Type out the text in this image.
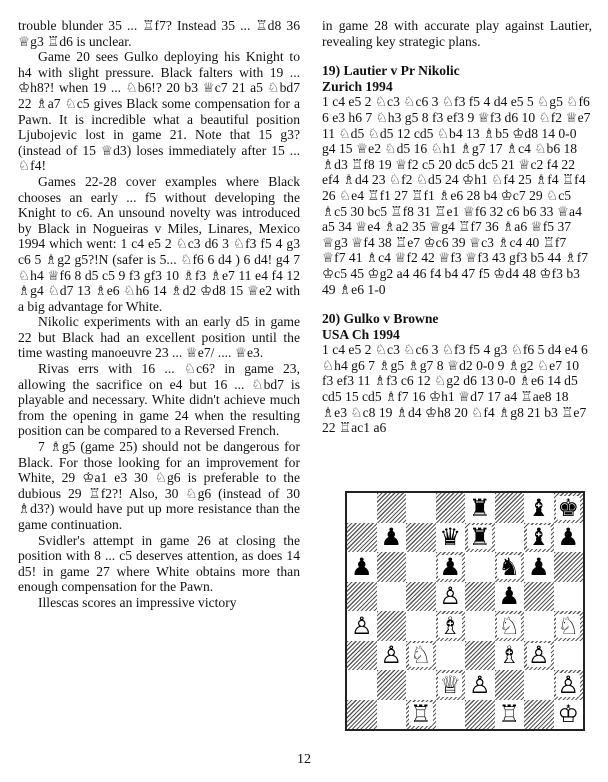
trouble blunder 35 ... ♖f7? Instead 35 ... ♖d8 36 ♕g3 ♖d6 is unclear.

Game 20 sees Gulko deploying his Knight to h4 with slight pressure. Black falters with 19 ... ♔h8?! when 19 ... ♘b6!? 20 b3 ♕c7 21 a5 ♘bd7 22 ♗a7 ♘c5 gives Black some compensation for a Pawn. It is incredible what a beautiful position Ljubojevic lost in game 21. Note that 15 g3? (instead of 15 ♕d3) loses immediately after 15 ... ♘f4!

Games 22-28 cover examples where Black chooses an early ... f5 without developing the Knight to c6. An unsound novelty was introduced by Black in Nogueiras v Miles, Linares, Mexico 1994 which went: 1 c4 e5 2 ♘c3 d6 3 ♘f3 f5 4 g3 c6 5 ♗g2 g5?!N (safer is 5... ♘f6 6 d4 ) 6 d4! g4 7 ♘h4 ♕f6 8 d5 c5 9 f3 gf3 10 ♗f3 ♗e7 11 e4 f4 12 ♗g4 ♘d7 13 ♗e6 ♘h6 14 ♗d2 ♔d8 15 ♕e2 with a big advantage for White.

Nikolic experiments with an early d5 in game 22 but Black had an excellent position until the time wasting manoeuvre 23 ... ♕e7/ .... ♕e3.

Rivas errs with 16 ... ♘c6? in game 23, allowing the sacrifice on e4 but 16 ... ♘bd7 is playable and necessary. White didn't achieve much from the opening in game 24 when the resulting position can be compared to a Reversed French.

7 ♗g5 (game 25) should not be dangerous for Black. For those looking for an improvement for White, 29 ♔a1 e3 30 ♘g6 is preferable to the dubious 29 ♖f2?! Also, 30 ♘g6 (instead of 30 ♗d3?) would have put up more resistance than the game continuation.

Svidler's attempt in game 26 at closing the position with 8 ... c5 deserves attention, as does 14 d5! in game 27 where White obtains more than enough compensation for the Pawn.

Illescas scores an impressive victory

in game 28 with accurate play against Lautier, revealing key strategic plans.

19) Lautier v Pr Nikolic

Zurich 1994

1 c4 e5 2 ♘c3 ♘c6 3 ♘f3 f5 4 d4 e5 5 ♘g5 ♘f6 6 e3 h6 7 ♘h3 g5 8 f3 ef3 9 ♕f3 d6 10 ♘f2 ♕e7 11 ♘d5 ♘d5 12 cd5 ♘b4 13 ♗b5 ♔d8 14 0-0 g4 15 ♕e2 ♘d5 16 ♘h1 ♗g7 17 ♗c4 ♘b6 18 ♗d3 ♖f8 19 ♕f2 c5 20 dc5 dc5 21 ♕c2 f4 22 ef4 ♗d4 23 ♘f2 ♘d5 24 ♔h1 ♘f4 25 ♗f4 ♖f4 26 ♘e4 ♖f1 27 ♖f1 ♗e6 28 b4 ♔c7 29 ♘c5 ♗c5 30 bc5 ♖f8 31 ♖e1 ♕f6 32 c6 b6 33 ♕a4 a5 34 ♕e4 ♗a2 35 ♕g4 ♖f7 36 ♗a6 ♕f5 37 ♕g3 ♕f4 38 ♖e7 ♔c6 39 ♕c3 ♗c4 40 ♖f7 ♕f7 41 ♗c4 ♕f2 42 ♕f3 ♕f3 43 gf3 b5 44 ♗f7 ♔c5 45 ♔g2 a4 46 f4 b4 47 f5 ♔d4 48 ♔f3 b3 49 ♗e6 1-0

20) Gulko v Browne

USA Ch 1994

1 c4 e5 2 ♘c3 ♘c6 3 ♘f3 f5 4 g3 ♘f6 5 d4 e4 6 ♘h4 g6 7 ♗g5 ♗g7 8 ♕d2 0-0 9 ♗g2 ♘e7 10 f3 ef3 11 ♗f3 c6 12 ♘g2 d6 13 0-0 ♗e6 14 d5 cd5 15 cd5 ♗f7 16 ♔h1 ♕d7 17 a4 ♖ae8 18 ♗e3 ♘c8 19 ♗d4 ♔h8 20 ♘f4 ♗g8 21 b3 ♖e7 22 ♖ac1 a6

♜ ♝ ♚
♟ ♛ ♜ ♝ ♟
♟	♟ ♞ ♟
♙ ♟
♙	♗ ♘ ♘
♙ ♘	♗ ♙
♕ ♙	♙
♖	♖ ♔
12
